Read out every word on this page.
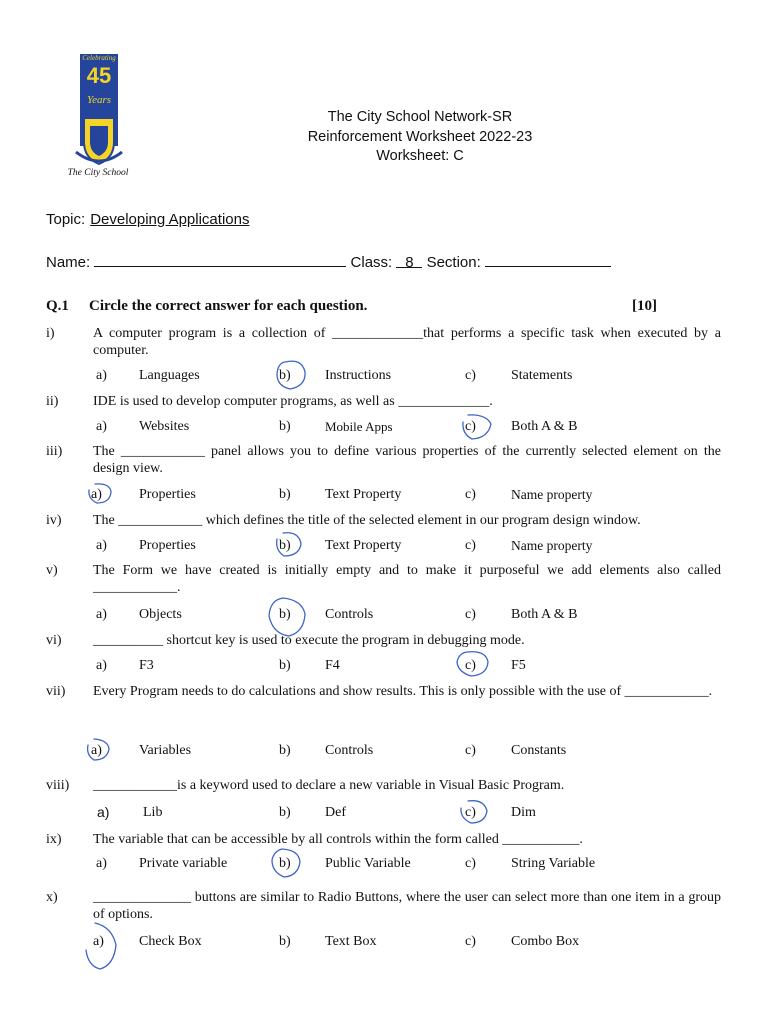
Celebrating
45
Years
The City School
The City School Network-SR
Reinforcement Worksheet 2022-23
Worksheet: C
Topic: Developing Applications
Name:	Class: 8 Section:
Q.1 Circle the correct answer for each question.	[10]
i)	A computer program is a collection of _____________that performs a specific task when executed by a computer.
a) Languages	b) Instructions	c)	Statements
ii) IDE is used to develop computer programs, as well as _____________.
a) Websites	b)	Mobile Apps	c)	Both A & B
iii) The ____________ panel allows you to define various properties of the currently selected element on the design view.
a)	Properties	b) Text Property	c)	Name property
iv) The ____________ which defines the title of the selected element in our program design window.
a) Properties	b) Text Property	c)	Name property
v)	The Form we have created is initially empty and to make it purposeful we add elements also called ____________.
a) Objects	b) Controls	c)	Both A & B
vi) __________ shortcut key is used to execute the program in debugging mode.
a) F3	b) F4	c)	F5
vii) Every Program needs to do calculations and show results. This is only possible with the use of ____________.
a)	Variables	b) Controls	c)	Constants
viii) ____________is a keyword used to declare a new variable in Visual Basic Program.
a) Lib	b) Def	c)	Dim
ix) The variable that can be accessible by all controls within the form called ___________.
a) Private variable	b) Public Variable	c)	String Variable
x)	______________ buttons are similar to Radio Buttons, where the user can select more than one item in a group of options.
a)	Check Box	b) Text Box	c)	Combo Box
